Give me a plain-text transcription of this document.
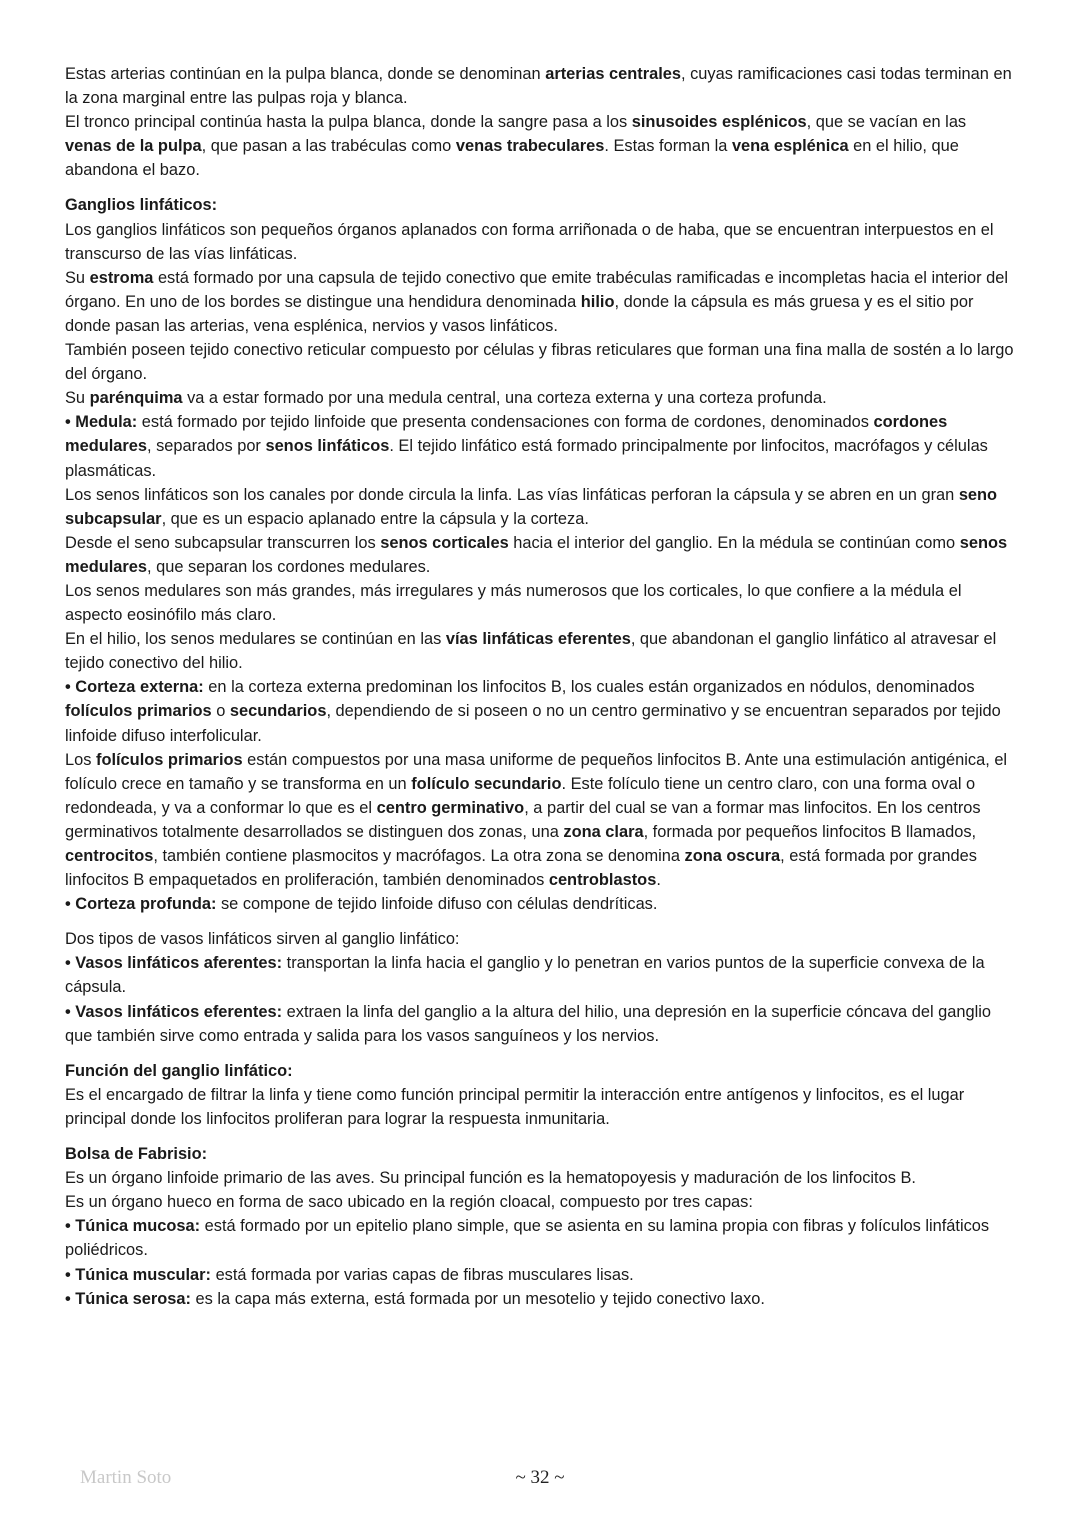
Estas arterias continúan en la pulpa blanca, donde se denominan arterias centrales, cuyas ramificaciones casi todas terminan en la zona marginal entre las pulpas roja y blanca.

El tronco principal continúa hasta la pulpa blanca, donde la sangre pasa a los sinusoides esplénicos, que se vacían en las venas de la pulpa, que pasan a las trabéculas como venas trabeculares. Estas forman la vena esplénica en el hilio, que abandona el bazo.

Ganglios linfáticos:

Los ganglios linfáticos son pequeños órganos aplanados con forma arriñonada o de haba, que se encuentran interpuestos en el transcurso de las vías linfáticas.

Su estroma está formado por una capsula de tejido conectivo que emite trabéculas ramificadas e incompletas hacia el interior del órgano. En uno de los bordes se distingue una hendidura denominada hilio, donde la cápsula es más gruesa y es el sitio por donde pasan las arterias, vena esplénica, nervios y vasos linfáticos.

También poseen tejido conectivo reticular compuesto por células y fibras reticulares que forman una fina malla de sostén a lo largo del órgano.

Su parénquima va a estar formado por una medula central, una corteza externa y una corteza profunda.

• Medula: está formado por tejido linfoide que presenta condensaciones con forma de cordones, denominados cordones medulares, separados por senos linfáticos. El tejido linfático está formado principalmente por linfocitos, macrófagos y células plasmáticas.

Los senos linfáticos son los canales por donde circula la linfa. Las vías linfáticas perforan la cápsula y se abren en un gran seno subcapsular, que es un espacio aplanado entre la cápsula y la corteza.

Desde el seno subcapsular transcurren los senos corticales hacia el interior del ganglio. En la médula se continúan como senos medulares, que separan los cordones medulares.

Los senos medulares son más grandes, más irregulares y más numerosos que los corticales, lo que confiere a la médula el aspecto eosinófilo más claro.

En el hilio, los senos medulares se continúan en las vías linfáticas eferentes, que abandonan el ganglio linfático al atravesar el tejido conectivo del hilio.

• Corteza externa: en la corteza externa predominan los linfocitos B, los cuales están organizados en nódulos, denominados folículos primarios o secundarios, dependiendo de si poseen o no un centro germinativo y se encuentran separados por tejido linfoide difuso interfolicular.

Los folículos primarios están compuestos por una masa uniforme de pequeños linfocitos B. Ante una estimulación antigénica, el folículo crece en tamaño y se transforma en un folículo secundario. Este folículo tiene un centro claro, con una forma oval o redondeada, y va a conformar lo que es el centro germinativo, a partir del cual se van a formar mas linfocitos. En los centros germinativos totalmente desarrollados se distinguen dos zonas, una zona clara, formada por pequeños linfocitos B llamados, centrocitos, también contiene plasmocitos y macrófagos. La otra zona se denomina zona oscura, está formada por grandes linfocitos B empaquetados en proliferación, también denominados centroblastos.

• Corteza profunda: se compone de tejido linfoide difuso con células dendríticas.

Dos tipos de vasos linfáticos sirven al ganglio linfático:

• Vasos linfáticos aferentes: transportan la linfa hacia el ganglio y lo penetran en varios puntos de la superficie convexa de la cápsula.

• Vasos linfáticos eferentes: extraen la linfa del ganglio a la altura del hilio, una depresión en la superficie cóncava del ganglio que también sirve como entrada y salida para los vasos sanguíneos y los nervios.

Función del ganglio linfático:

Es el encargado de filtrar la linfa y tiene como función principal permitir la interacción entre antígenos y linfocitos, es el lugar principal donde los linfocitos proliferan para lograr la respuesta inmunitaria.

Bolsa de Fabrisio:

Es un órgano linfoide primario de las aves. Su principal función es la hematopoyesis y maduración de los linfocitos B.

Es un órgano hueco en forma de saco ubicado en la región cloacal, compuesto por tres capas:

• Túnica mucosa: está formado por un epitelio plano simple, que se asienta en su lamina propia con fibras y folículos linfáticos poliédricos.

• Túnica muscular: está formada por varias capas de fibras musculares lisas.

• Túnica serosa: es la capa más externa, está formada por un mesotelio y tejido conectivo laxo.

Martin Soto	~ 32 ~
